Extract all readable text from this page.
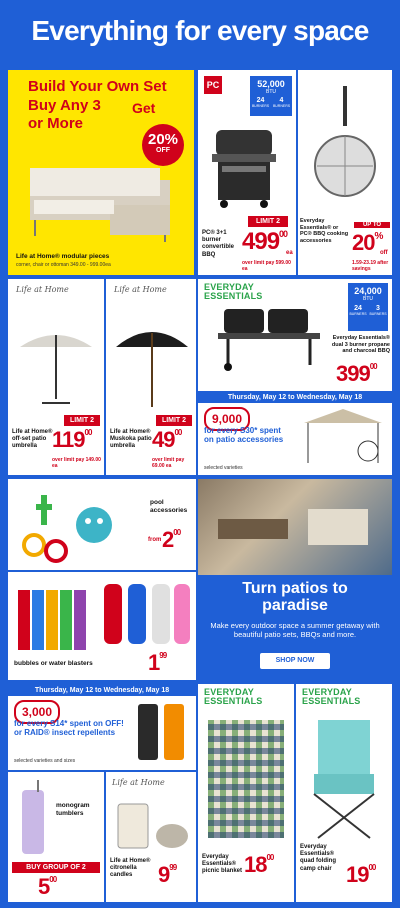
Everything for every space
Build Your Own Set
Buy Any 3 Get
or More
20%
OFF
Life at Home® modular pieces
corner, chair or ottoman 349.00 - 999.00ea
PC	52,000
BTU
24
BURNERS
4
BURNERS
LIMIT 2
PC® 3+1 burner convertible BBQ	$499^{00}$
ea
over limit pay 599.00 ea
Everyday Essentials® or PC® BBQ cooking accessories
UP TO
20%
off
1.59-23.19 after savings
Life at Home
LIMIT 2
Life at Home® off-set patio umbrella $119^{00}$
over limit pay 149.00 ea
Life at Home
LIMIT 2
Life at Home® Muskoka patio umbrella $49^{00}$
over limit pay 69.00 ea
EVERYDAY
ESSENTIALS	24,000
BTU
24
BURNERS
3
BURNERS
Everyday Essentials® dual 3 burner propane and charcoal BBQ
$399^{00}$
Thursday, May 12 to Wednesday, May 18
9,000
for every S30* spent on patio accessories
selected varieties
pool accessories
from $2^{00}$
bubbles or water blasters	$1^{99}$
Turn patios to paradise
Make every outdoor space a summer getaway with beautiful patio sets, BBQs and more.
SHOP NOW
Thursday, May 12 to Wednesday, May 18
3,000
for every S14* spent on OFF! or RAID® insect repellents
selected varieties and sizes
monogram tumblers
BUY GROUP OF 2
$5^{00}$
Life at Home
Life at Home® citronella candles	$9^{99}$
EVERYDAY
ESSENTIALS
Everyday Essentials® picnic blanket $18^{00}$
EVERYDAY
ESSENTIALS
Everyday Essentials® quad folding camp chair $19^{00}$
